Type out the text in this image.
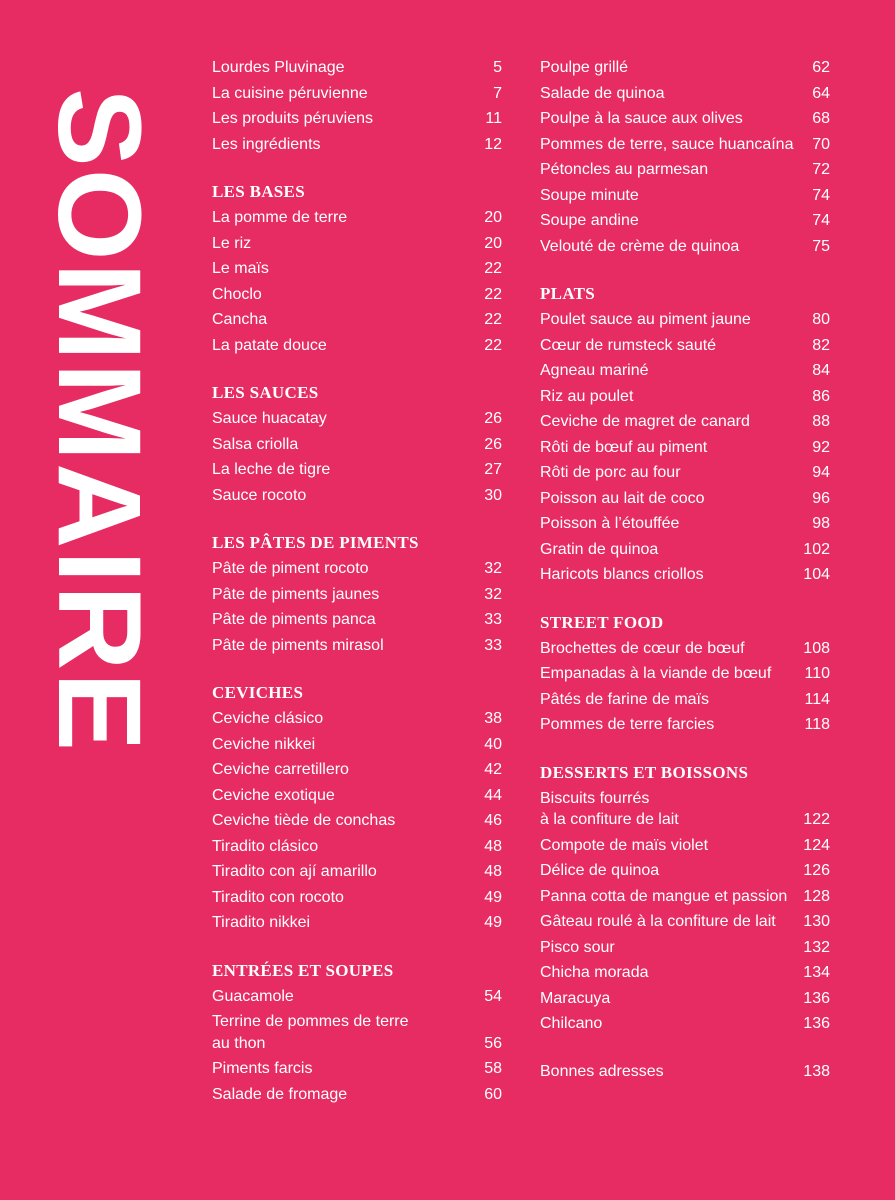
SOMMAIRE
Lourdes Pluvinage	5
La cuisine péruvienne	7
Les produits péruviens	11
Les ingrédients	12
LES BASES
La pomme de terre	20
Le riz	20
Le maïs	22
Choclo	22
Cancha	22
La patate douce	22
LES SAUCES
Sauce huacatay	26
Salsa criolla	26
La leche de tigre	27
Sauce rocoto	30
LES PÂTES DE PIMENTS
Pâte de piment rocoto	32
Pâte de piments jaunes	32
Pâte de piments panca	33
Pâte de piments mirasol	33
CEVICHES
Ceviche clásico	38
Ceviche nikkei	40
Ceviche carretillero	42
Ceviche exotique	44
Ceviche tiède de conchas	46
Tiradito clásico	48
Tiradito con ají amarillo	48
Tiradito con rocoto	49
Tiradito nikkei	49
ENTRÉES ET SOUPES
Guacamole	54
Terrine de pommes de terre
au thon	56
Piments farcis	58
Salade de fromage	60
Poulpe grillé	62
Salade de quinoa	64
Poulpe à la sauce aux olives	68
Pommes de terre, sauce huancaína	70
Pétoncles au parmesan	72
Soupe minute	74
Soupe andine	74
Velouté de crème de quinoa	75
PLATS
Poulet sauce au piment jaune	80
Cœur de rumsteck sauté	82
Agneau mariné	84
Riz au poulet	86
Ceviche de magret de canard	88
Rôti de bœuf au piment	92
Rôti de porc au four	94
Poisson au lait de coco	96
Poisson à l’étouffée	98
Gratin de quinoa	102
Haricots blancs criollos	104
STREET FOOD
Brochettes de cœur de bœuf	108
Empanadas à la viande de bœuf 110
Pâtés de farine de maïs	114
Pommes de terre farcies	118
DESSERTS ET BOISSONS
Biscuits fourrés
à la confiture de lait	122
Compote de maïs violet	124
Délice de quinoa	126
Panna cotta de mangue et passion 128
Gâteau roulé à la confiture de lait 130
Pisco sour	132
Chicha morada	134
Maracuya	136
Chilcano	136
Bonnes adresses	138
